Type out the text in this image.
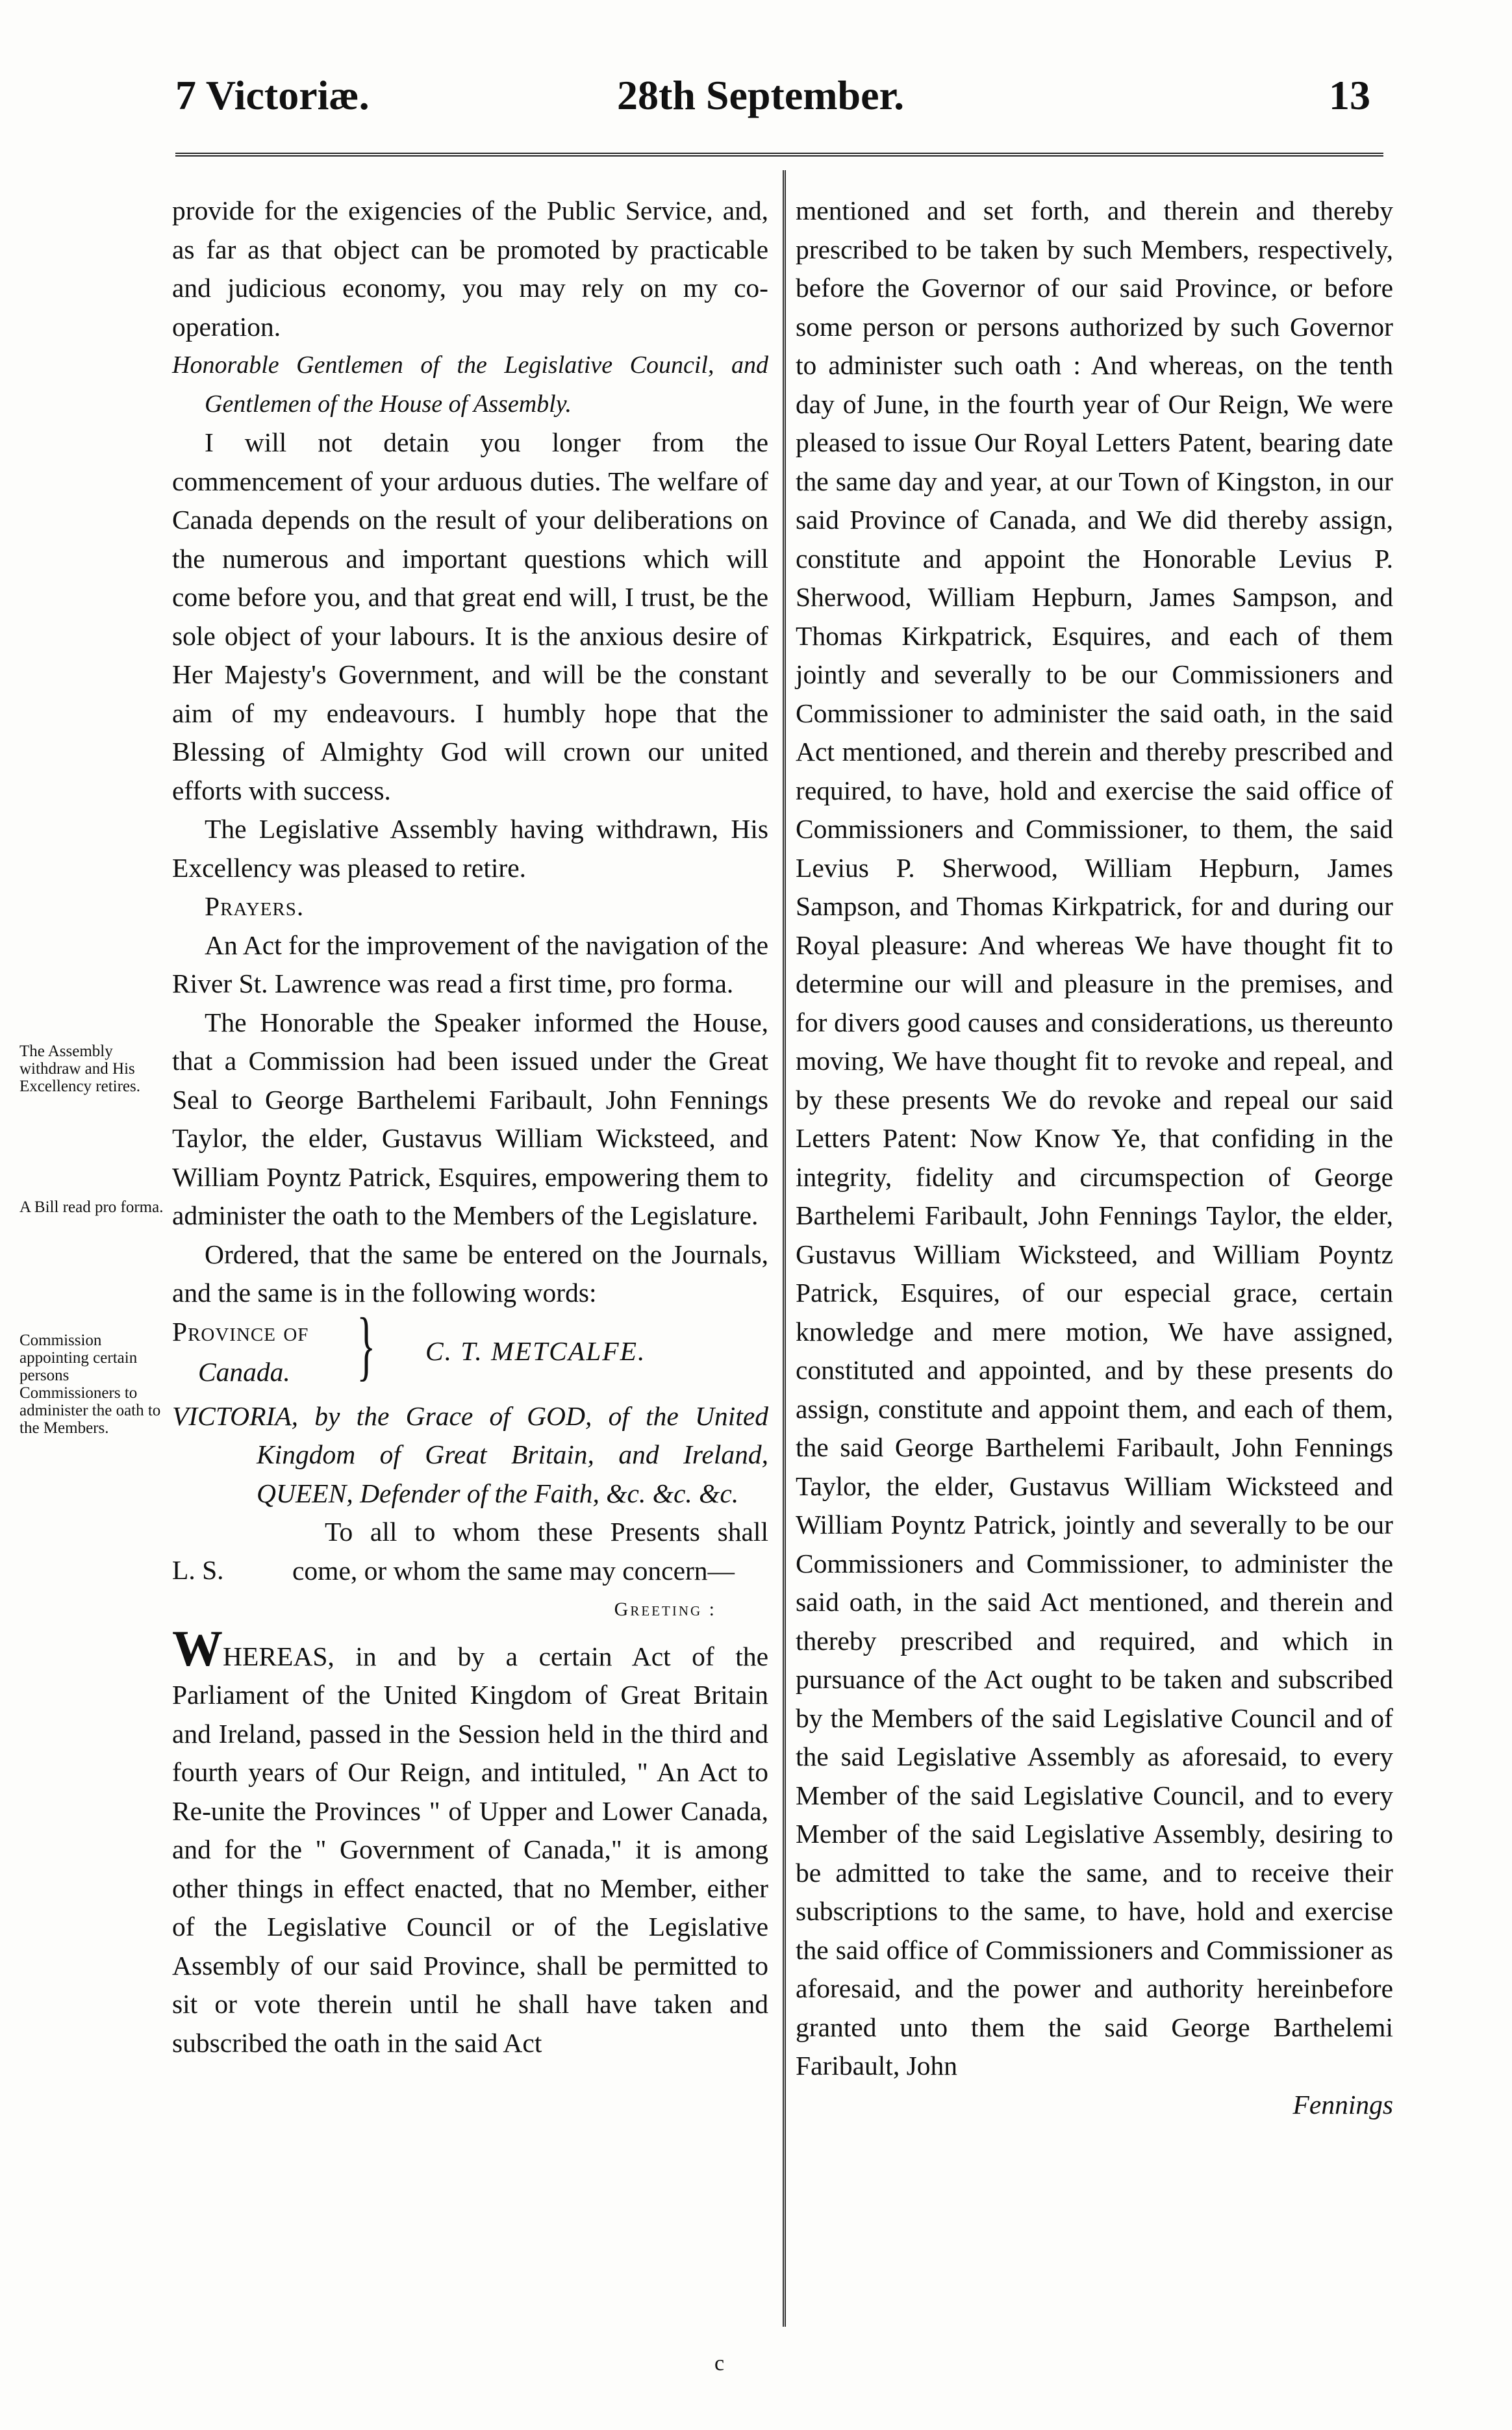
7 Victoriæ.	28th September.	13
The Assembly withdraw and His Excellency retires.
A Bill read pro forma.
Commission appointing certain persons Commissioners to administer the oath to the Members.

provide for the exigencies of the Public Service, and, as far as that object can be promoted by practicable and judicious economy, you may rely on my co-operation.

Honorable Gentlemen of the Legislative Council, and Gentlemen of the House of Assembly.

I will not detain you longer from the commencement of your arduous duties. The welfare of Canada depends on the result of your deliberations on the numerous and important questions which will come before you, and that great end will, I trust, be the sole object of your labours. It is the anxious desire of Her Majesty's Government, and will be the constant aim of my endeavours. I humbly hope that the Blessing of Almighty God will crown our united efforts with success.

The Legislative Assembly having withdrawn, His Excellency was pleased to retire.

Prayers.

An Act for the improvement of the navigation of the River St. Lawrence was read a first time, pro forma.

The Honorable the Speaker informed the House, that a Commission had been issued under the Great Seal to George Barthelemi Faribault, John Fennings Taylor, the elder, Gustavus William Wicksteed, and William Poyntz Patrick, Esquires, empowering them to administer the oath to the Members of the Legislature.

Ordered, that the same be entered on the Journals, and the same is in the following words:

Province of
Canada. } C. T. METCALFE.

VICTORIA, by the Grace of GOD, of the United Kingdom of Great Britain, and Ireland, QUEEN, Defender of the Faith, &c. &c. &c.

L. S.

To all to whom these Presents shall come, or whom the same may concern—

Greeting :

WHEREAS, in and by a certain Act of the Parliament of the United Kingdom of Great Britain and Ireland, passed in the Session held in the third and fourth years of Our Reign, and intituled, " An Act to Re-unite the Provinces " of Upper and Lower Canada, and for the " Government of Canada," it is among other things in effect enacted, that no Member, either of the Legislative Council or of the Legislative Assembly of our said Province, shall be permitted to sit or vote therein until he shall have taken and subscribed the oath in the said Act

mentioned and set forth, and therein and thereby prescribed to be taken by such Members, respectively, before the Governor of our said Province, or before some person or persons authorized by such Governor to administer such oath : And whereas, on the tenth day of June, in the fourth year of Our Reign, We were pleased to issue Our Royal Letters Patent, bearing date the same day and year, at our Town of Kingston, in our said Province of Canada, and We did thereby assign, constitute and appoint the Honorable Levius P. Sherwood, William Hepburn, James Sampson, and Thomas Kirkpatrick, Esquires, and each of them jointly and severally to be our Commissioners and Commissioner to administer the said oath, in the said Act mentioned, and therein and thereby prescribed and required, to have, hold and exercise the said office of Commissioners and Commissioner, to them, the said Levius P. Sherwood, William Hepburn, James Sampson, and Thomas Kirkpatrick, for and during our Royal pleasure: And whereas We have thought fit to determine our will and pleasure in the premises, and for divers good causes and considerations, us thereunto moving, We have thought fit to revoke and repeal, and by these presents We do revoke and repeal our said Letters Patent: Now Know Ye, that confiding in the integrity, fidelity and circumspection of George Barthelemi Faribault, John Fennings Taylor, the elder, Gustavus William Wicksteed, and William Poyntz Patrick, Esquires, of our especial grace, certain knowledge and mere motion, We have assigned, constituted and appointed, and by these presents do assign, constitute and appoint them, and each of them, the said George Barthelemi Faribault, John Fennings Taylor, the elder, Gustavus William Wicksteed and William Poyntz Patrick, jointly and severally to be our Commissioners and Commissioner, to administer the said oath, in the said Act mentioned, and therein and thereby prescribed and required, and which in pursuance of the Act ought to be taken and subscribed by the Members of the said Legislative Council and of the said Legislative Assembly as aforesaid, to every Member of the said Legislative Council, and to every Member of the said Legislative Assembly, desiring to be admitted to take the same, and to receive their subscriptions to the same, to have, hold and exercise the said office of Commissioners and Commissioner as aforesaid, and the power and authority hereinbefore granted unto them the said George Barthelemi Faribault, John

Fennings

c
